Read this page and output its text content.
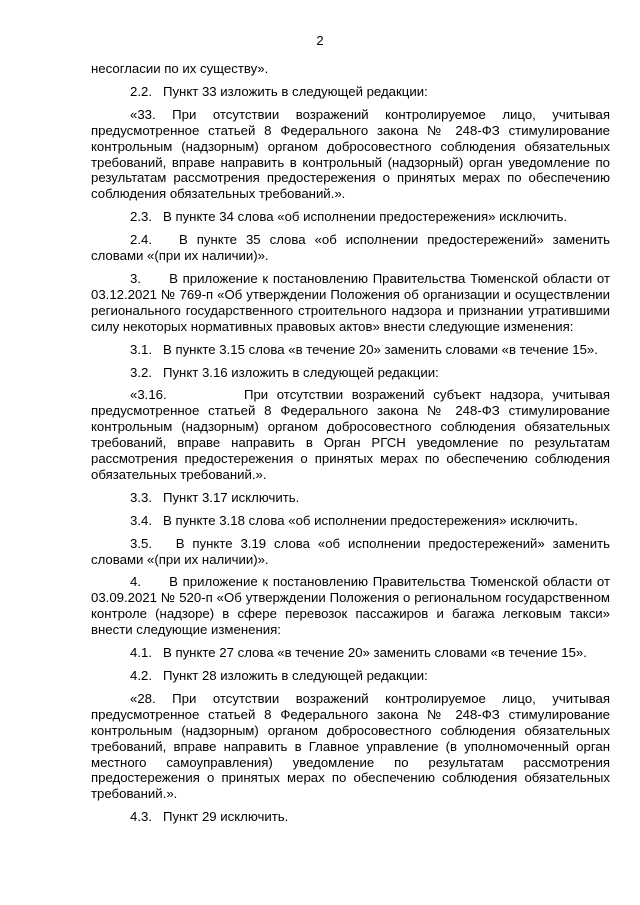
2

несогласии по их существу».

2.2.   Пункт 33 изложить в следующей редакции:

«33. При отсутствии возражений контролируемое лицо, учитывая предусмотренное статьей 8 Федерального закона № 248-ФЗ стимулирование контрольным (надзорным) органом добросовестного соблюдения обязательных требований, вправе направить в контрольный (надзорный) орган уведомление по результатам рассмотрения предостережения о принятых мерах по обеспечению соблюдения обязательных требований.».

2.3.   В пункте 34 слова «об исполнении предостережения» исключить.

2.4.   В пункте 35 слова «об исполнении предостережений» заменить словами «(при их наличии)».

3.      В приложение к постановлению Правительства Тюменской области от 03.12.2021 № 769-п «Об утверждении Положения об организации и осуществлении регионального государственного строительного надзора и признании утратившими силу некоторых нормативных правовых актов» внести следующие изменения:

3.1.   В пункте 3.15 слова «в течение 20» заменить словами «в течение 15».

3.2.   Пункт 3.16 изложить в следующей редакции:

«3.16.         При отсутствии возражений субъект надзора, учитывая предусмотренное статьей 8 Федерального закона № 248-ФЗ стимулирование контрольным (надзорным) органом добросовестного соблюдения обязательных требований, вправе направить в Орган РГСН уведомление по результатам рассмотрения предостережения о принятых мерах по обеспечению соблюдения обязательных требований.».

3.3.   Пункт 3.17 исключить.

3.4.   В пункте 3.18 слова «об исполнении предостережения» исключить.

3.5.   В пункте 3.19 слова «об исполнении предостережений» заменить словами «(при их наличии)».

4.      В приложение к постановлению Правительства Тюменской области от 03.09.2021 № 520-п «Об утверждении Положения о региональном государственном контроле (надзоре) в сфере перевозок пассажиров и багажа легковым такси» внести следующие изменения:

4.1.   В пункте 27 слова «в течение 20» заменить словами «в течение 15».

4.2.   Пункт 28 изложить в следующей редакции:

«28. При отсутствии возражений контролируемое лицо, учитывая предусмотренное статьей 8 Федерального закона № 248-ФЗ стимулирование контрольным (надзорным) органом добросовестного соблюдения обязательных требований, вправе направить в Главное управление (в уполномоченный орган местного самоуправления) уведомление по результатам рассмотрения предостережения о принятых мерах по обеспечению соблюдения обязательных требований.».

4.3.   Пункт 29 исключить.
